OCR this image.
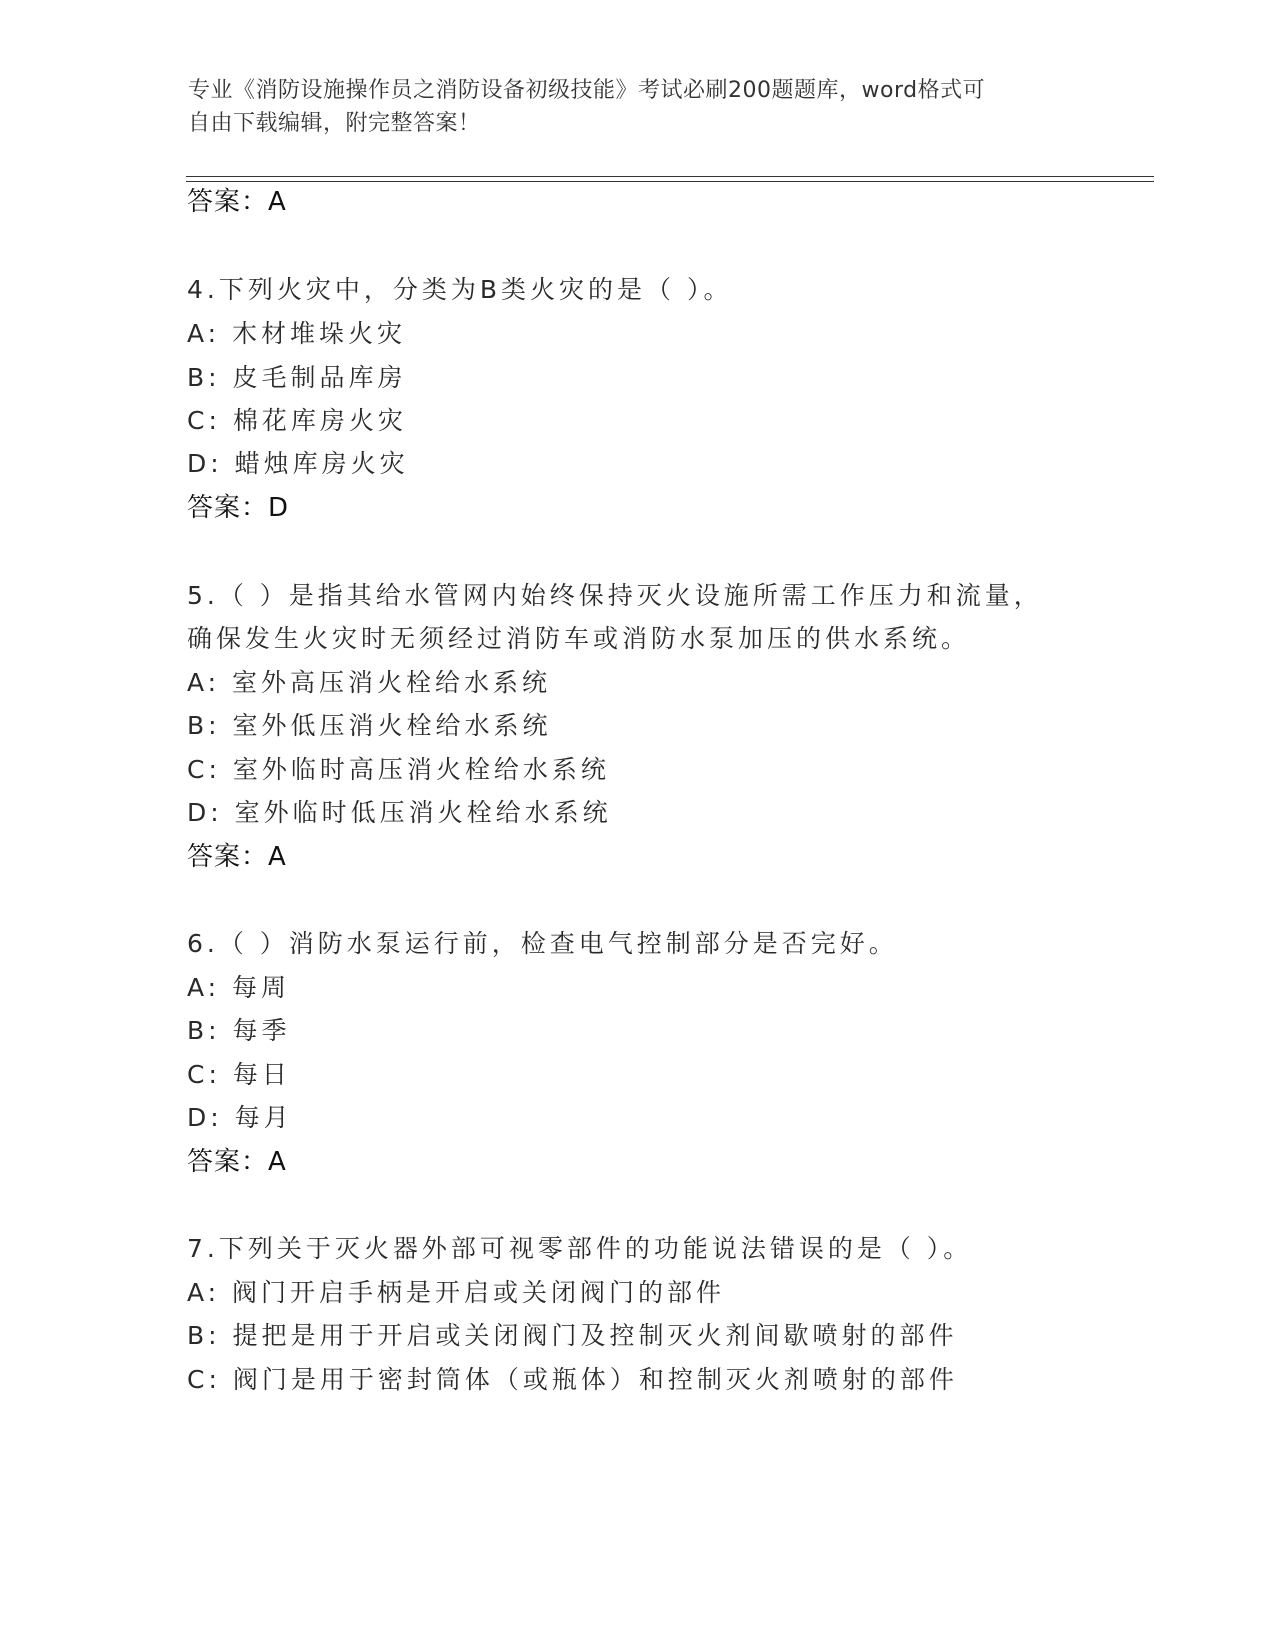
专业《消防设施操作员之消防设备初级技能》考试必刷200题题库，word格式可
自由下载编辑，附完整答案！
答案：A
4.下列火灾中，分类为B类火灾的是（ ）。
A: 木材堆垛火灾
B: 皮毛制品库房
C: 棉花库房火灾
D: 蜡烛库房火灾
答案：D
5.（ ）是指其给水管网内始终保持灭火设施所需工作压力和流量，
确保发生火灾时无须经过消防车或消防水泵加压的供水系统。
A: 室外高压消火栓给水系统
B: 室外低压消火栓给水系统
C: 室外临时高压消火栓给水系统
D: 室外临时低压消火栓给水系统
答案：A
6.（ ）消防水泵运行前，检查电气控制部分是否完好。
A: 每周
B: 每季
C: 每日
D: 每月
答案：A
7.下列关于灭火器外部可视零部件的功能说法错误的是（ ）。
A: 阀门开启手柄是开启或关闭阀门的部件
B: 提把是用于开启或关闭阀门及控制灭火剂间歇喷射的部件
C: 阀门是用于密封筒体（或瓶体）和控制灭火剂喷射的部件
